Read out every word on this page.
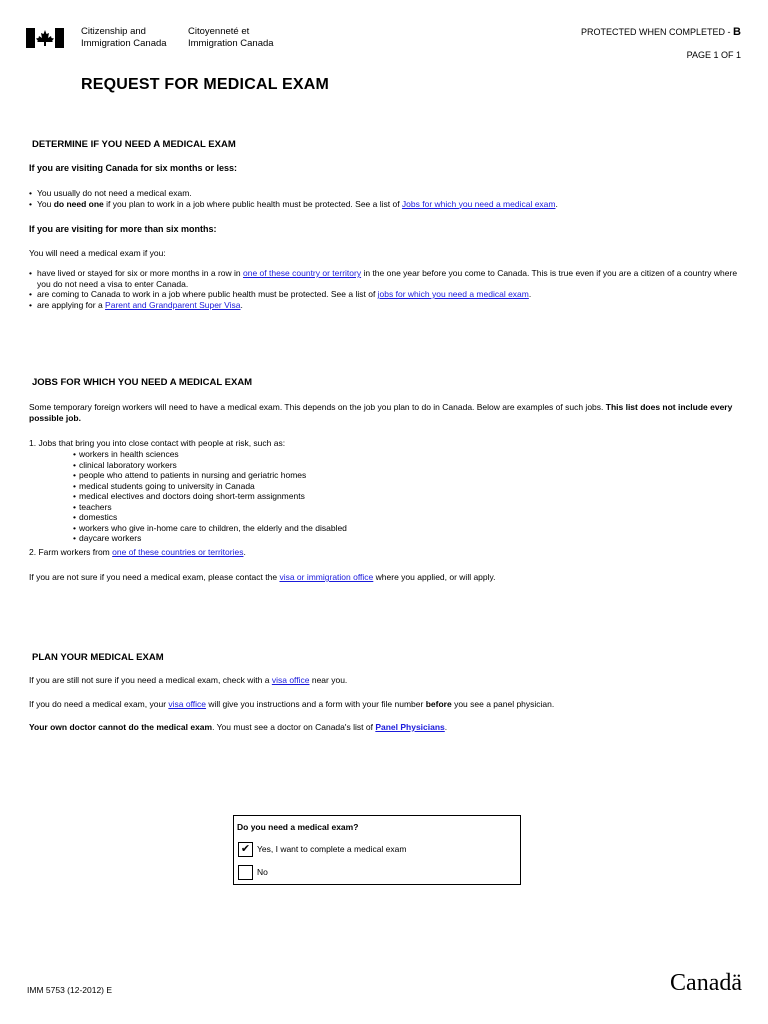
Citizenship and
Immigration Canada
Citoyenneté et
Immigration Canada
PROTECTED WHEN COMPLETED - B
PAGE 1 OF 1
REQUEST FOR MEDICAL EXAM
DETERMINE IF YOU NEED A MEDICAL EXAM
If you are visiting Canada for six months or less:
• You usually do not need a medical exam.
• You do need one if you plan to work in a job where public health must be protected. See a list of Jobs for which you need a medical exam.
If you are visiting for more than six months:
You will need a medical exam if you:
• have lived or stayed for six or more months in a row in one of these country or territory in the one year before you come to Canada. This is true even if you are a citizen of a country where you do not need a visa to enter Canada.
• are coming to Canada to work in a job where public health must be protected. See a list of jobs for which you need a medical exam.
• are applying for a Parent and Grandparent Super Visa.
JOBS FOR WHICH YOU NEED A MEDICAL EXAM
Some temporary foreign workers will need to have a medical exam. This depends on the job you plan to do in Canada. Below are examples of such jobs. This list does not include every possible job.
1. Jobs that bring you into close contact with people at risk, such as:
• workers in health sciences
• clinical laboratory workers
• people who attend to patients in nursing and geriatric homes
• medical students going to university in Canada
• medical electives and doctors doing short-term assignments
• teachers
• domestics
• workers who give in-home care to children, the elderly and the disabled
• daycare workers
2. Farm workers from one of these countries or territories.
If you are not sure if you need a medical exam, please contact the visa or immigration office where you applied, or will apply.
PLAN YOUR MEDICAL EXAM
If you are still not sure if you need a medical exam, check with a visa office near you.
If you do need a medical exam, your visa office will give you instructions and a form with your file number before you see a panel physician.
Your own doctor cannot do the medical exam. You must see a doctor on Canada's list of Panel Physicians.
Do you need a medical exam?
✔ Yes, I want to complete a medical exam
No
IMM 5753 (12-2012) E	Canadä
